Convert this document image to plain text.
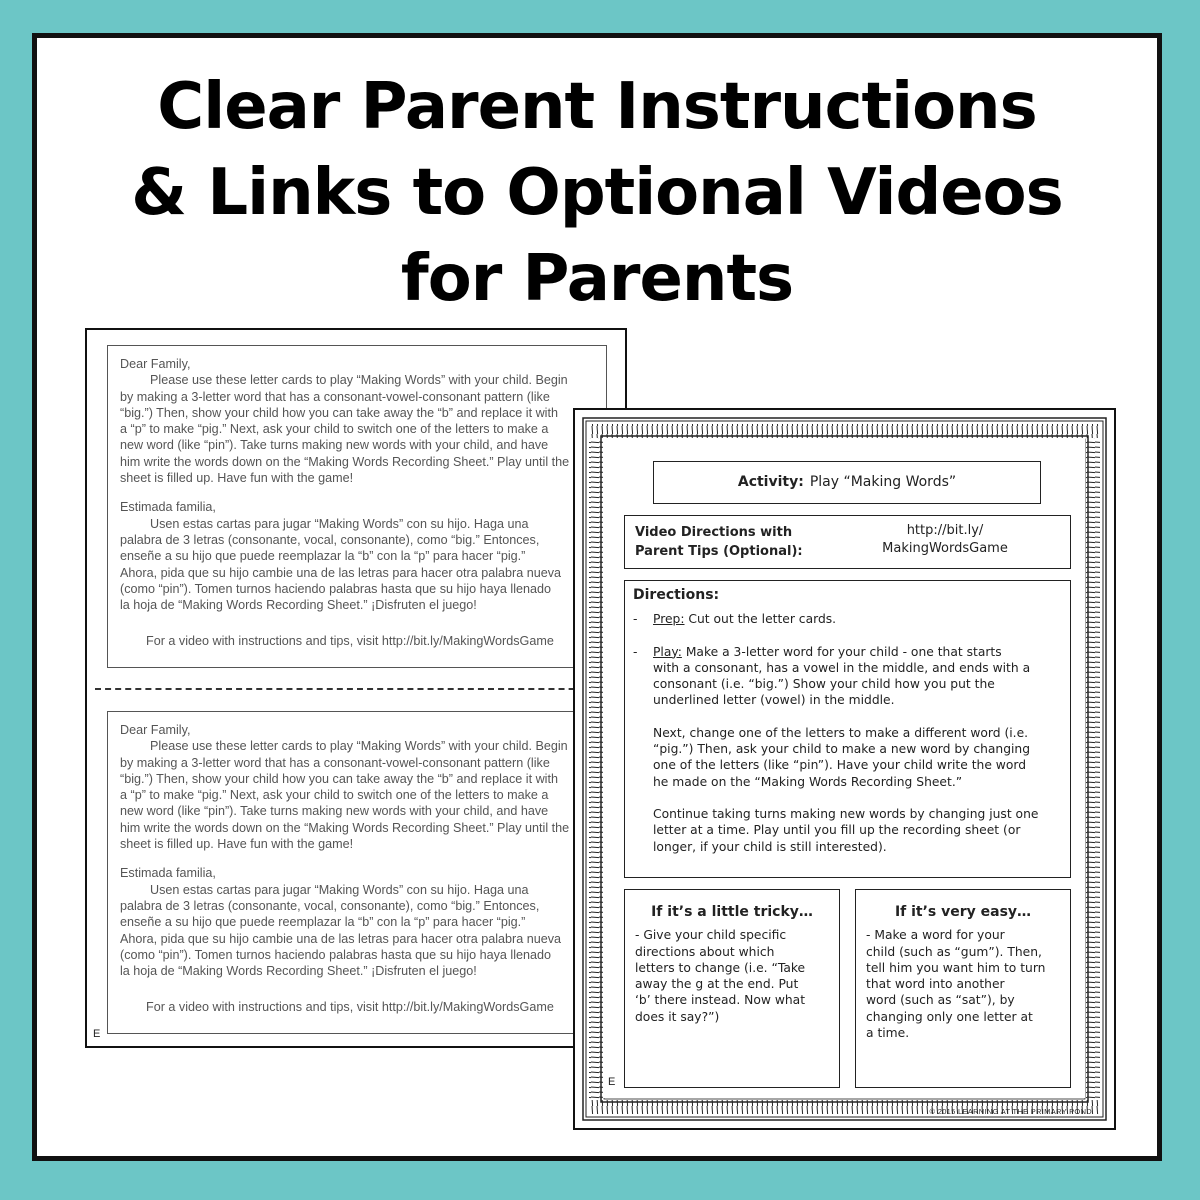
Clear Parent Instructions
& Links to Optional Videos
for Parents

Dear Family,

Please use these letter cards to play “Making Words” with your child. Begin

by making a 3-letter word that has a consonant-vowel-consonant pattern (like

“big.”) Then, show your child how you can take away the “b” and replace it with

a “p” to make “pig.” Next, ask your child to switch one of the letters to make a

new word (like “pin”). Take turns making new words with your child, and have

him write the words down on the “Making Words Recording Sheet.” Play until the

sheet is filled up. Have fun with the game!

Estimada familia,

Usen estas cartas para jugar “Making Words” con su hijo. Haga una

palabra de 3 letras (consonante, vocal, consonante), como “big.” Entonces,

enseñe a su hijo que puede reemplazar la “b” con la “p” para hacer “pig.”

Ahora, pida que su hijo cambie una de las letras para hacer otra palabra nueva

(como “pin”). Tomen turnos haciendo palabras hasta que su hijo haya llenado

la hoja de “Making Words Recording Sheet.” ¡Disfruten el juego!

For a video with instructions and tips, visit http://bit.ly/MakingWordsGame

Dear Family,

Please use these letter cards to play “Making Words” with your child. Begin

by making a 3-letter word that has a consonant-vowel-consonant pattern (like

“big.”) Then, show your child how you can take away the “b” and replace it with

a “p” to make “pig.” Next, ask your child to switch one of the letters to make a

new word (like “pin”). Take turns making new words with your child, and have

him write the words down on the “Making Words Recording Sheet.” Play until the

sheet is filled up. Have fun with the game!

Estimada familia,

Usen estas cartas para jugar “Making Words” con su hijo. Haga una

palabra de 3 letras (consonante, vocal, consonante), como “big.” Entonces,

enseñe a su hijo que puede reemplazar la “b” con la “p” para hacer “pig.”

Ahora, pida que su hijo cambie una de las letras para hacer otra palabra nueva

(como “pin”). Tomen turnos haciendo palabras hasta que su hijo haya llenado

la hoja de “Making Words Recording Sheet.” ¡Disfruten el juego!

For a video with instructions and tips, visit http://bit.ly/MakingWordsGame

E
Activity: Play “Making Words”
Video Directions with
Parent Tips (Optional):
http://bit.ly/
MakingWordsGame
Directions:
- Prep: Cut out the letter cards.
- Play: Make a 3-letter word for your child - one that starts
with a consonant, has a vowel in the middle, and ends with a
consonant (i.e. “big.”) Show your child how you put the
underlined letter (vowel) in the middle.
Next, change one of the letters to make a different word (i.e.
“pig.”) Then, ask your child to make a new word by changing
one of the letters (like “pin”). Have your child write the word
he made on the “Making Words Recording Sheet.”
Continue taking turns making new words by changing just one
letter at a time. Play until you fill up the recording sheet (or
longer, if your child is still interested).
If it’s a little tricky…
- Give your child specific
directions about which
letters to change (i.e. “Take
away the g at the end. Put
‘b’ there instead. Now what
does it say?”)
If it’s very easy…
- Make a word for your
child (such as “gum”). Then,
tell him you want him to turn
that word into another
word (such as “sat”), by
changing only one letter at
a time.
E
© 2015 LEARNING AT THE PRIMARY POND
